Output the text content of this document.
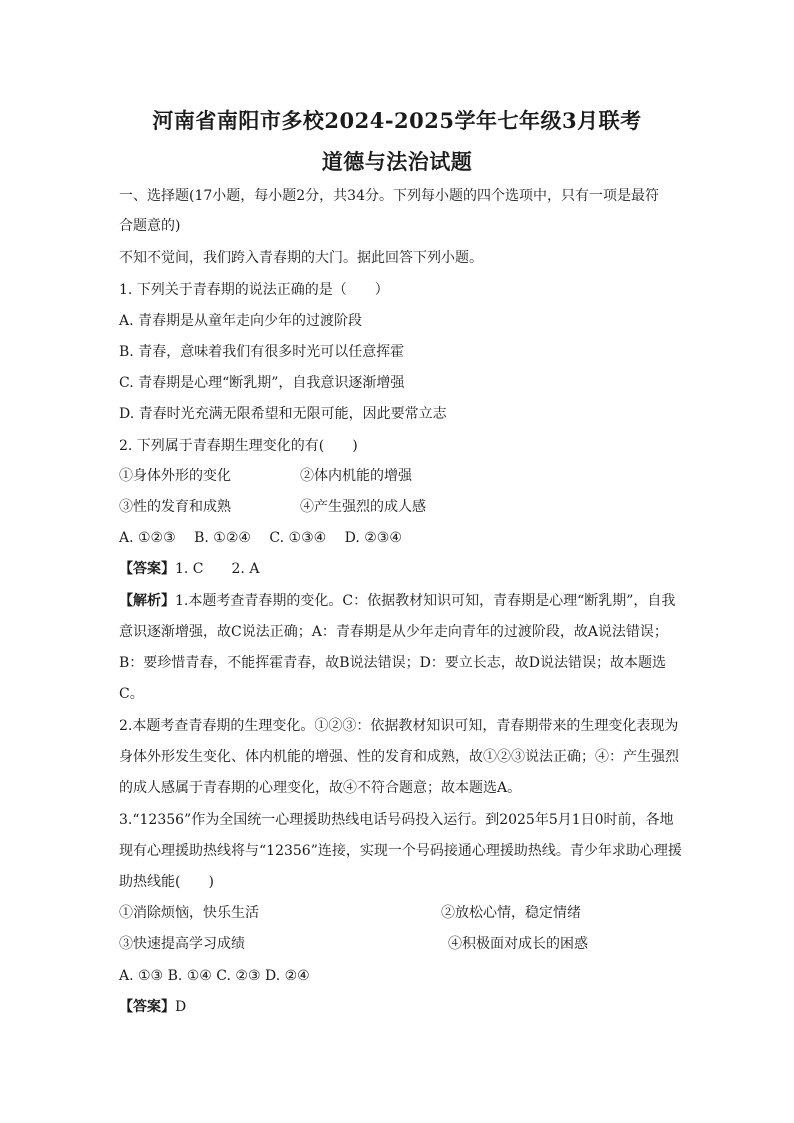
河南省南阳市多校2024-2025学年七年级3月联考
道德与法治试题
一、选择题(17小题，每小题2分，共34分。下列每小题的四个选项中，只有一项是最符
合题意的)
不知不觉间，我们跨入青春期的大门。据此回答下列小题。
1. 下列关于青春期的说法正确的是（　　）
A. 青春期是从童年走向少年的过渡阶段
B. 青春，意味着我们有很多时光可以任意挥霍
C. 青春期是心理“断乳期”，自我意识逐渐增强
D. 青春时光充满无限希望和无限可能，因此要常立志
2. 下列属于青春期生理变化的有(　　)
①身体外形的变化	②体内机能的增强
③性的发育和成熟	④产生强烈的成人感
A. ①②③　 B. ①②④　 C. ①③④　 D. ②③④
【答案】1. C　　2. A
【解析】1.本题考查青春期的变化。C：依据教材知识可知，青春期是心理“断乳期”，自我
意识逐渐增强，故C说法正确；A：青春期是从少年走向青年的过渡阶段，故A说法错误；
B：要珍惜青春，不能挥霍青春，故B说法错误；D：要立长志，故D说法错误；故本题选
C。
2.本题考查青春期的生理变化。①②③：依据教材知识可知，青春期带来的生理变化表现为
身体外形发生变化、体内机能的增强、性的发育和成熟，故①②③说法正确；④：产生强烈
的成人感属于青春期的心理变化，故④不符合题意；故本题选A。
3.“12356”作为全国统一心理援助热线电话号码投入运行。到2025年5月1日0时前，各地
现有心理援助热线将与“12356”连接，实现一个号码接通心理援助热线。青少年求助心理援
助热线能(　　)
①消除烦恼，快乐生活	②放松心情，稳定情绪
③快速提高学习成绩	④积极面对成长的困惑
A. ①③ B. ①④ C. ②③ D. ②④
【答案】D
